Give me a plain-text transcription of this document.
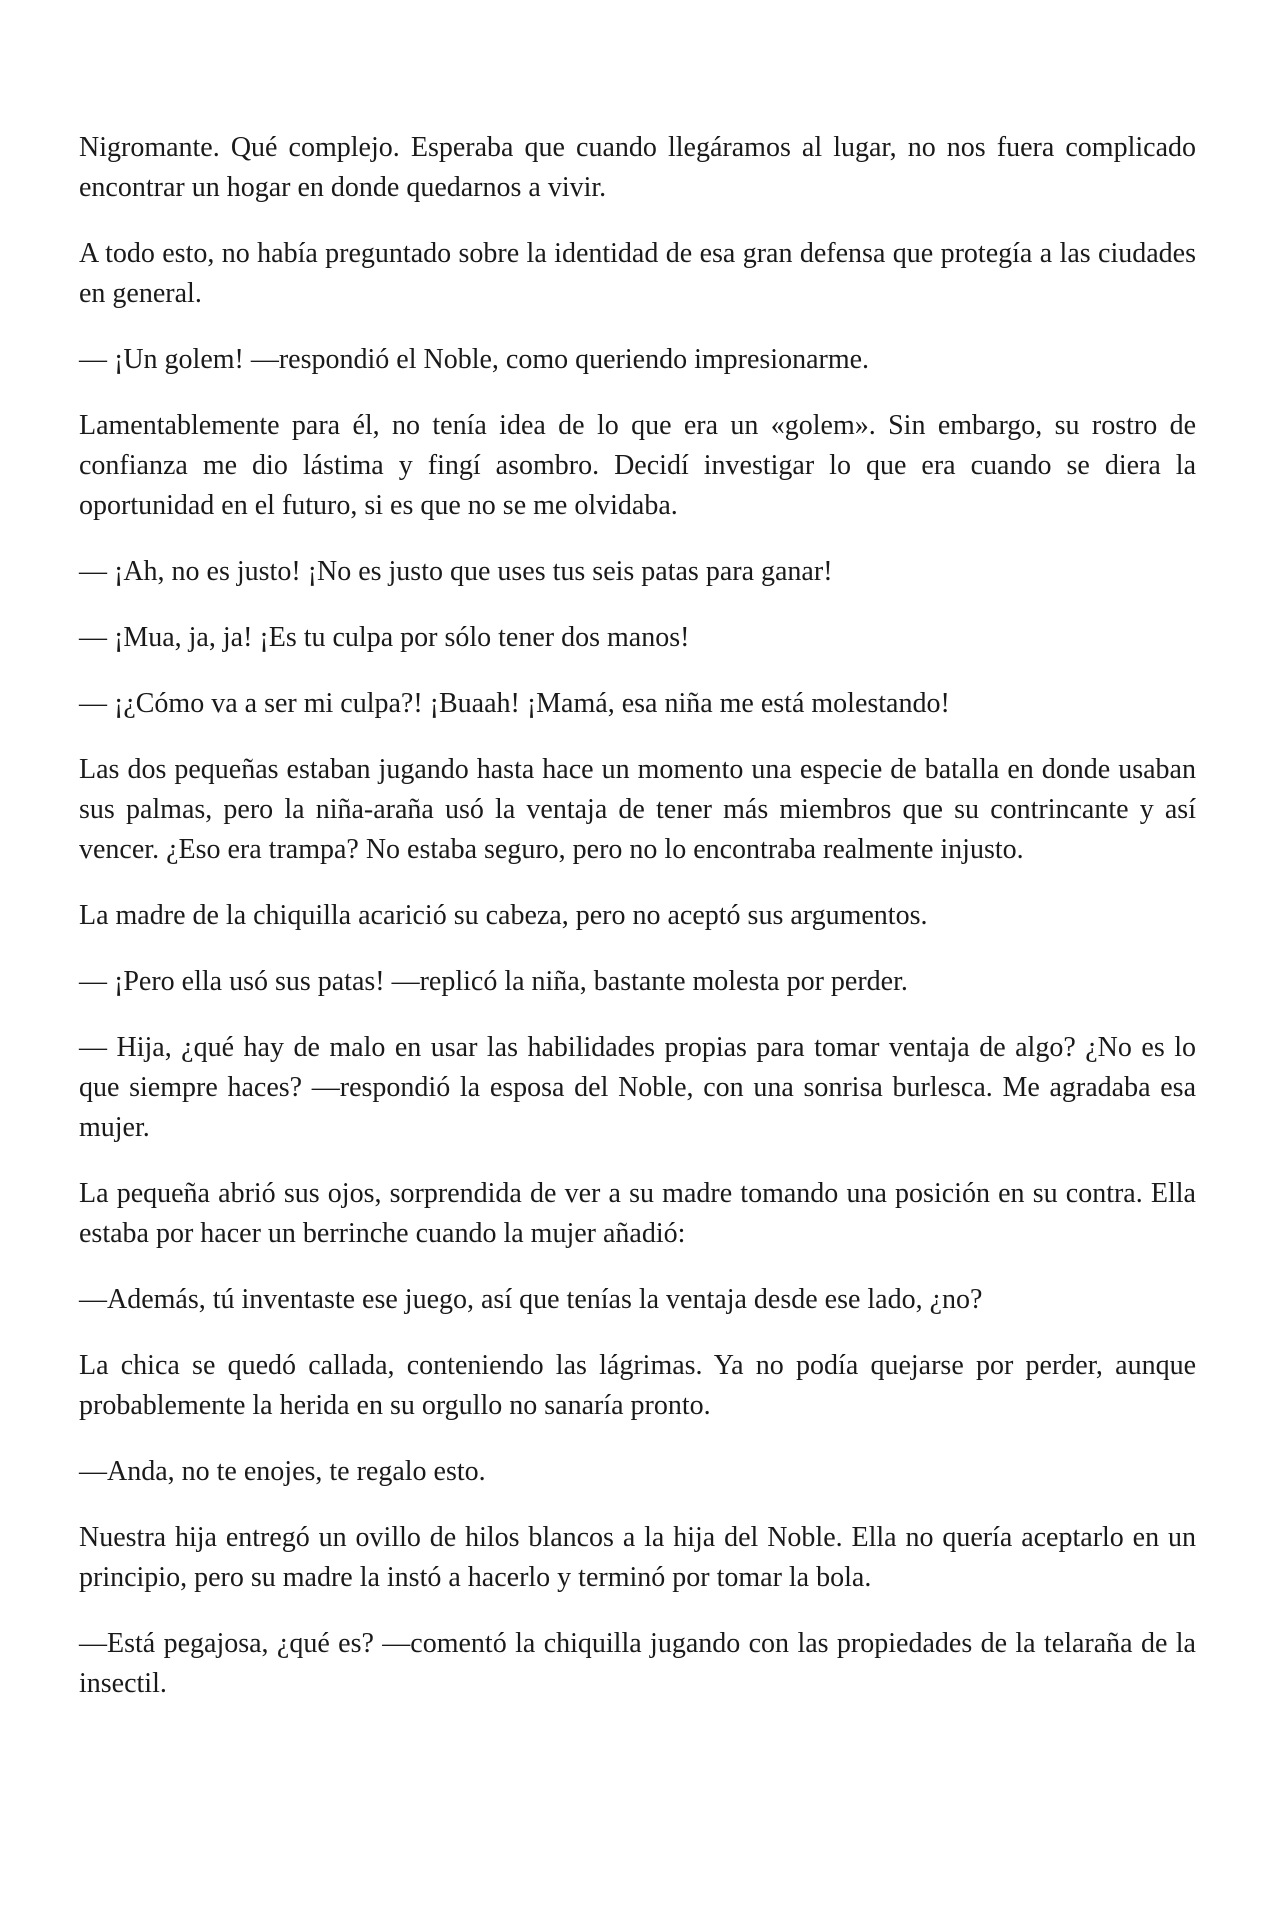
Nigromante. Qué complejo. Esperaba que cuando llegáramos al lugar, no nos fuera complicado encontrar un hogar en donde quedarnos a vivir.

A todo esto, no había preguntado sobre la identidad de esa gran defensa que protegía a las ciudades en general.

— ¡Un golem! —respondió el Noble, como queriendo impresionarme.

Lamentablemente para él, no tenía idea de lo que era un «golem». Sin embargo, su rostro de confianza me dio lástima y fingí asombro. Decidí investigar lo que era cuando se diera la oportunidad en el futuro, si es que no se me olvidaba.

— ¡Ah, no es justo! ¡No es justo que uses tus seis patas para ganar!

— ¡Mua, ja, ja! ¡Es tu culpa por sólo tener dos manos!

— ¡¿Cómo va a ser mi culpa?! ¡Buaah! ¡Mamá, esa niña me está molestando!

Las dos pequeñas estaban jugando hasta hace un momento una especie de batalla en donde usaban sus palmas, pero la niña-araña usó la ventaja de tener más miembros que su contrincante y así vencer. ¿Eso era trampa? No estaba seguro, pero no lo encontraba realmente injusto.

La madre de la chiquilla acarició su cabeza, pero no aceptó sus argumentos.

— ¡Pero ella usó sus patas! —replicó la niña, bastante molesta por perder.

— Hija, ¿qué hay de malo en usar las habilidades propias para tomar ventaja de algo? ¿No es lo que siempre haces? —respondió la esposa del Noble, con una sonrisa burlesca. Me agradaba esa mujer.

La pequeña abrió sus ojos, sorprendida de ver a su madre tomando una posición en su contra. Ella estaba por hacer un berrinche cuando la mujer añadió:

—Además, tú inventaste ese juego, así que tenías la ventaja desde ese lado, ¿no?

La chica se quedó callada, conteniendo las lágrimas. Ya no podía quejarse por perder, aunque probablemente la herida en su orgullo no sanaría pronto.

—Anda, no te enojes, te regalo esto.

Nuestra hija entregó un ovillo de hilos blancos a la hija del Noble. Ella no quería aceptarlo en un principio, pero su madre la instó a hacerlo y terminó por tomar la bola.

—Está pegajosa, ¿qué es? —comentó la chiquilla jugando con las propiedades de la telaraña de la insectil.
